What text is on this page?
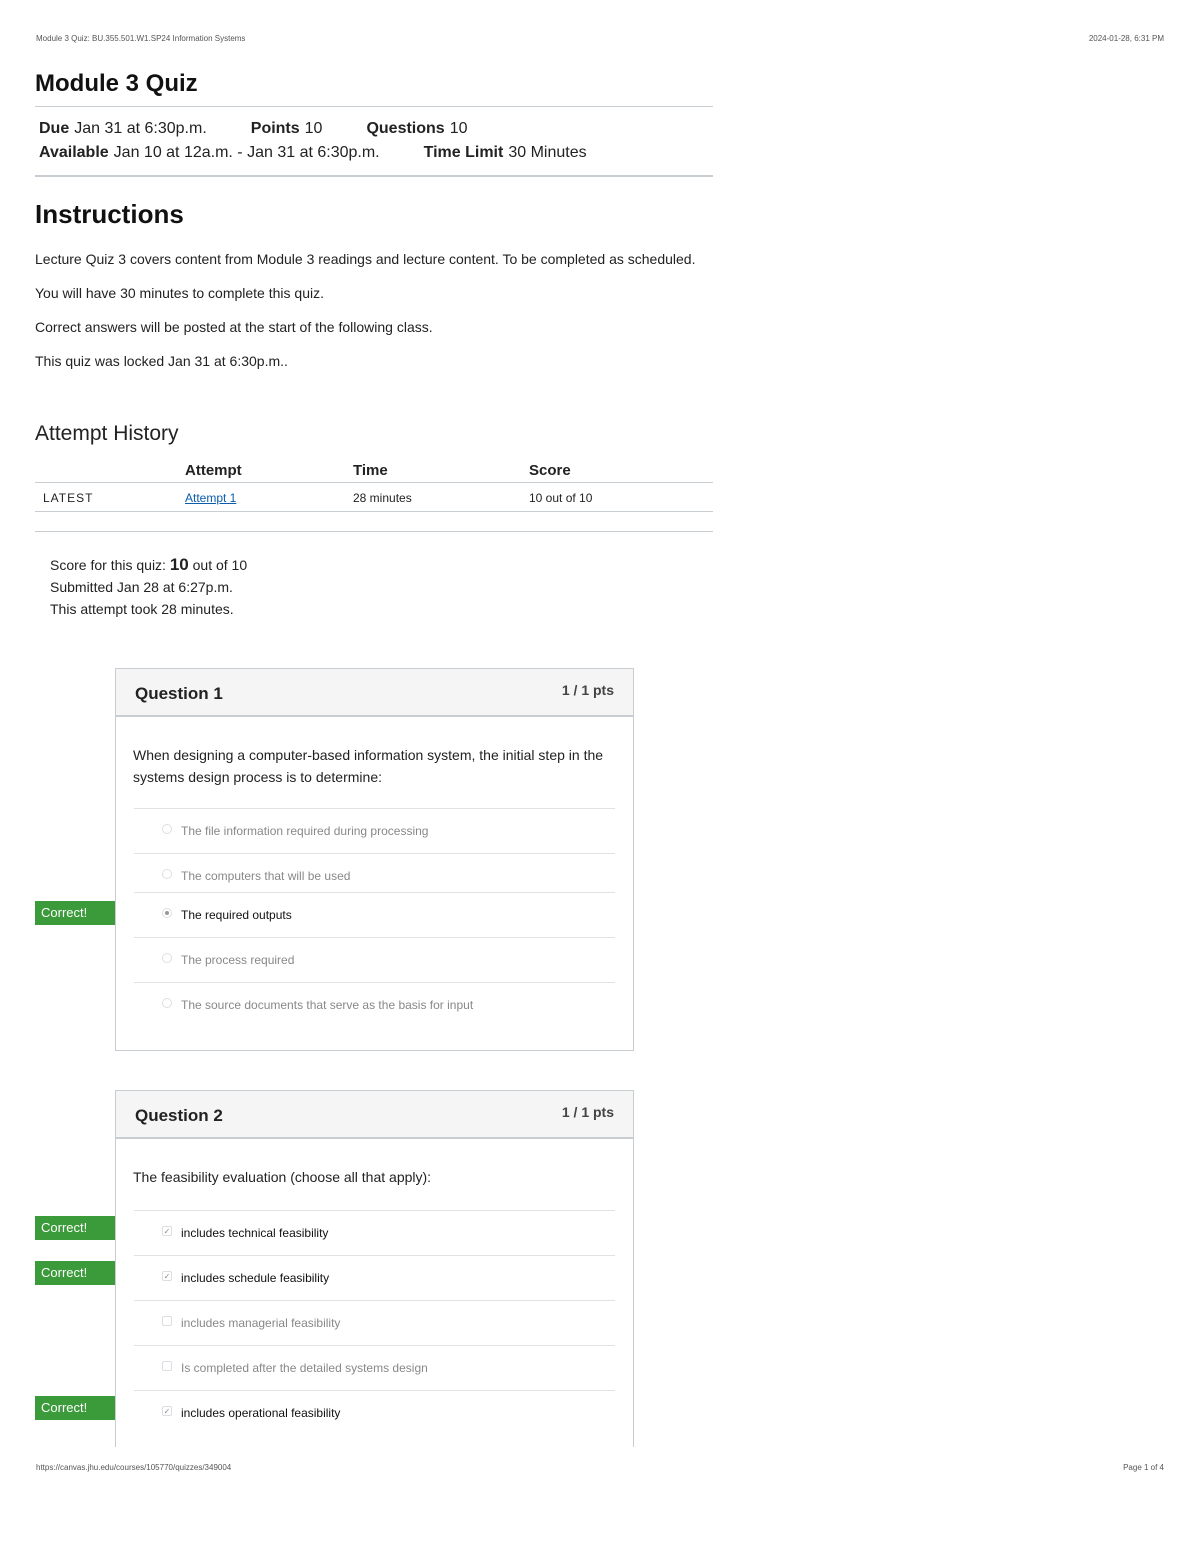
Module 3 Quiz: BU.355.501.W1.SP24 Information Systems	2024-01-28, 6:31 PM
Module 3 Quiz
Due Jan 31 at 6:30p.m.	Points 10	Questions 10
Available Jan 10 at 12a.m. - Jan 31 at 6:30p.m.	Time Limit 30 Minutes
Instructions

Lecture Quiz 3 covers content from Module 3 readings and lecture content. To be completed as scheduled.

You will have 30 minutes to complete this quiz.

Correct answers will be posted at the start of the following class.

This quiz was locked Jan 31 at 6:30p.m..

Attempt History
	Attempt	Time	Score
LATEST	Attempt 1	28 minutes	10 out of 10
Score for this quiz: 10 out of 10
Submitted Jan 28 at 6:27p.m.
This attempt took 28 minutes.
Correct!
Question 1	1 / 1 pts
When designing a computer-based information system, the initial step in the systems design process is to determine:
The file information required during processing
The computers that will be used
The required outputs
The process required
The source documents that serve as the basis for input
Correct!
Correct!
Correct!
Question 2	1 / 1 pts
The feasibility evaluation (choose all that apply):
✓ includes technical feasibility
✓ includes schedule feasibility
includes managerial feasibility
Is completed after the detailed systems design
✓ includes operational feasibility
https://canvas.jhu.edu/courses/105770/quizzes/349004	Page 1 of 4
